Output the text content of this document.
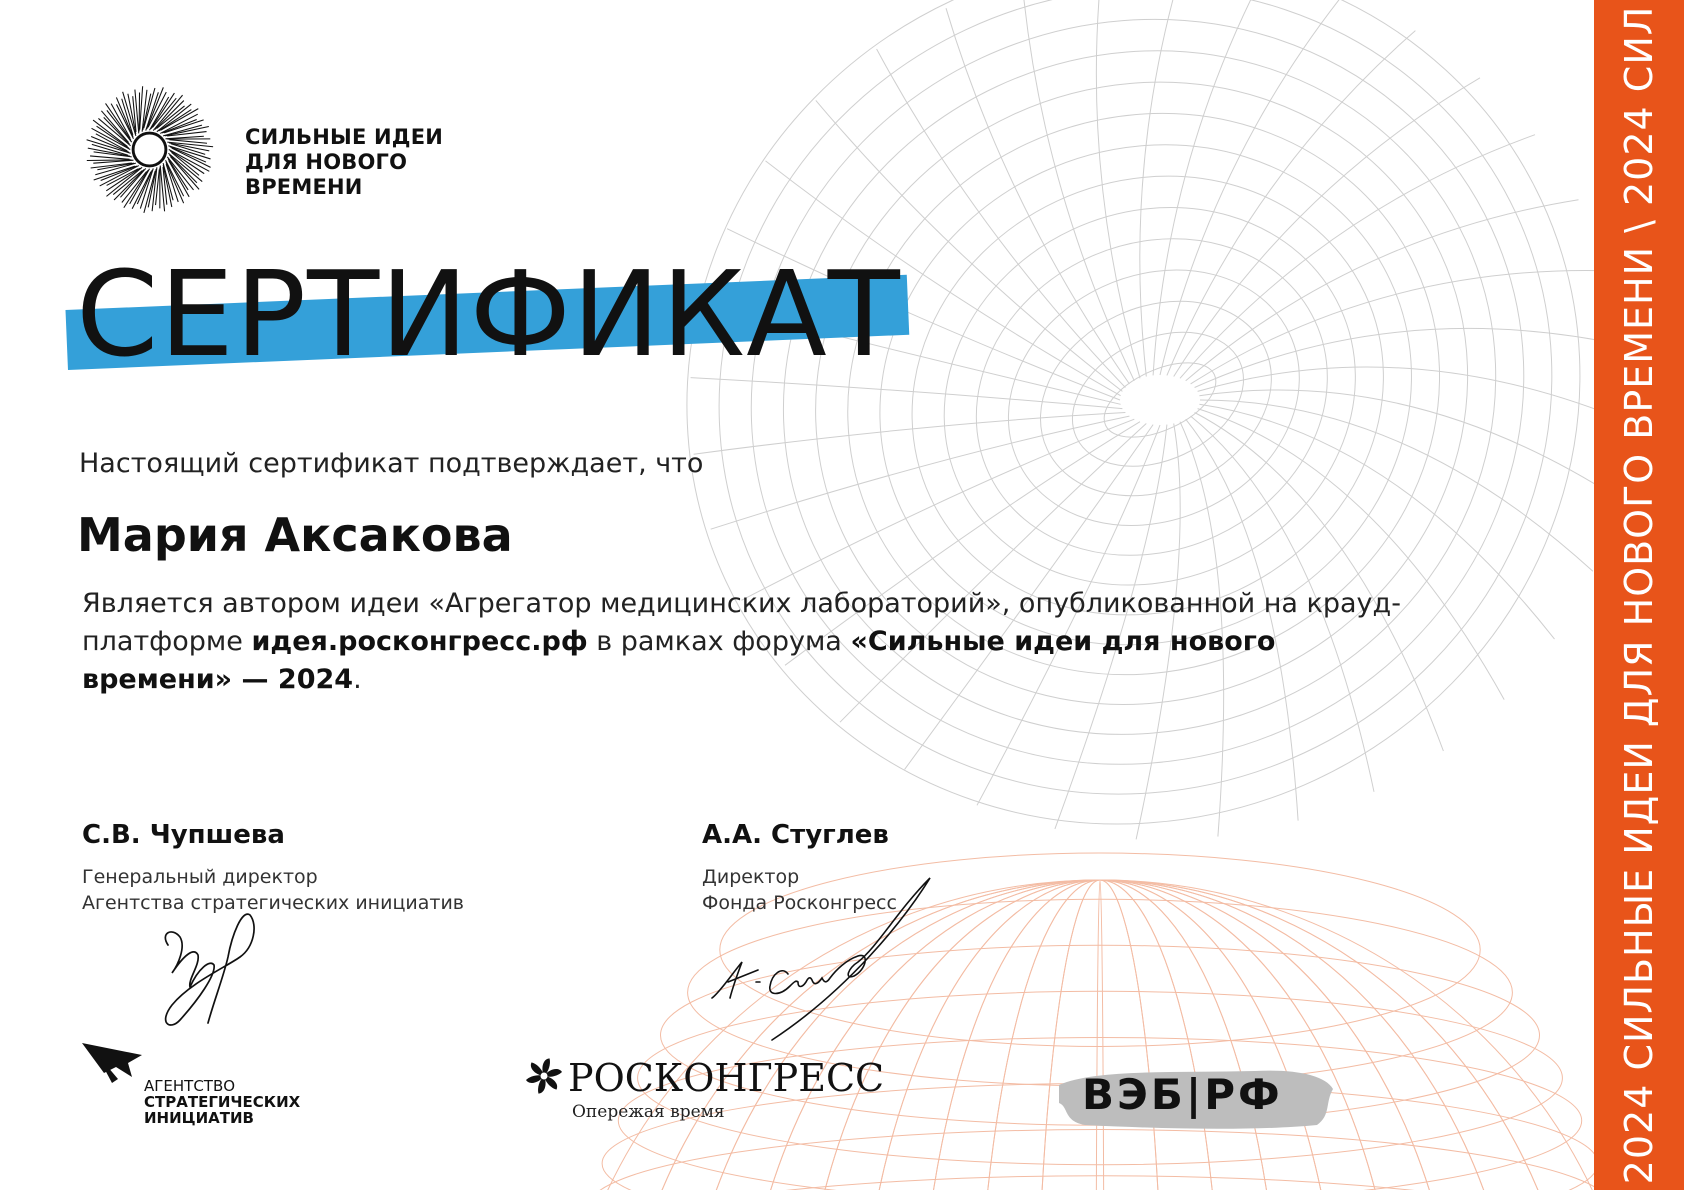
2024 СИЛЬНЫЕ ИДЕИ ДЛЯ НОВОГО ВРЕМЕНИ \ 2024 СИЛ
СИЛЬНЫЕ ИДЕИ
ДЛЯ НОВОГО
ВРЕМЕНИ
СЕРТИФИКАТ
Настоящий сертификат подтверждает, что
Мария Аксакова
Является автором идеи «Агрегатор медицинских лабораторий», опубликованной на крауд-платформе идея.росконгресс.рф в рамках форума «Сильные идеи для нового времени» — 2024.
С.В. Чупшева
Генеральный директор
Агентства стратегических инициатив
А.А. Стуглев
Директор
Фонда Росконгресс
АГЕНТСТВО
СТРАТЕГИЧЕСКИХ
ИНИЦИАТИВ
РОСКОНГРЕСС
Опережая время	ВЭБ|РФ
